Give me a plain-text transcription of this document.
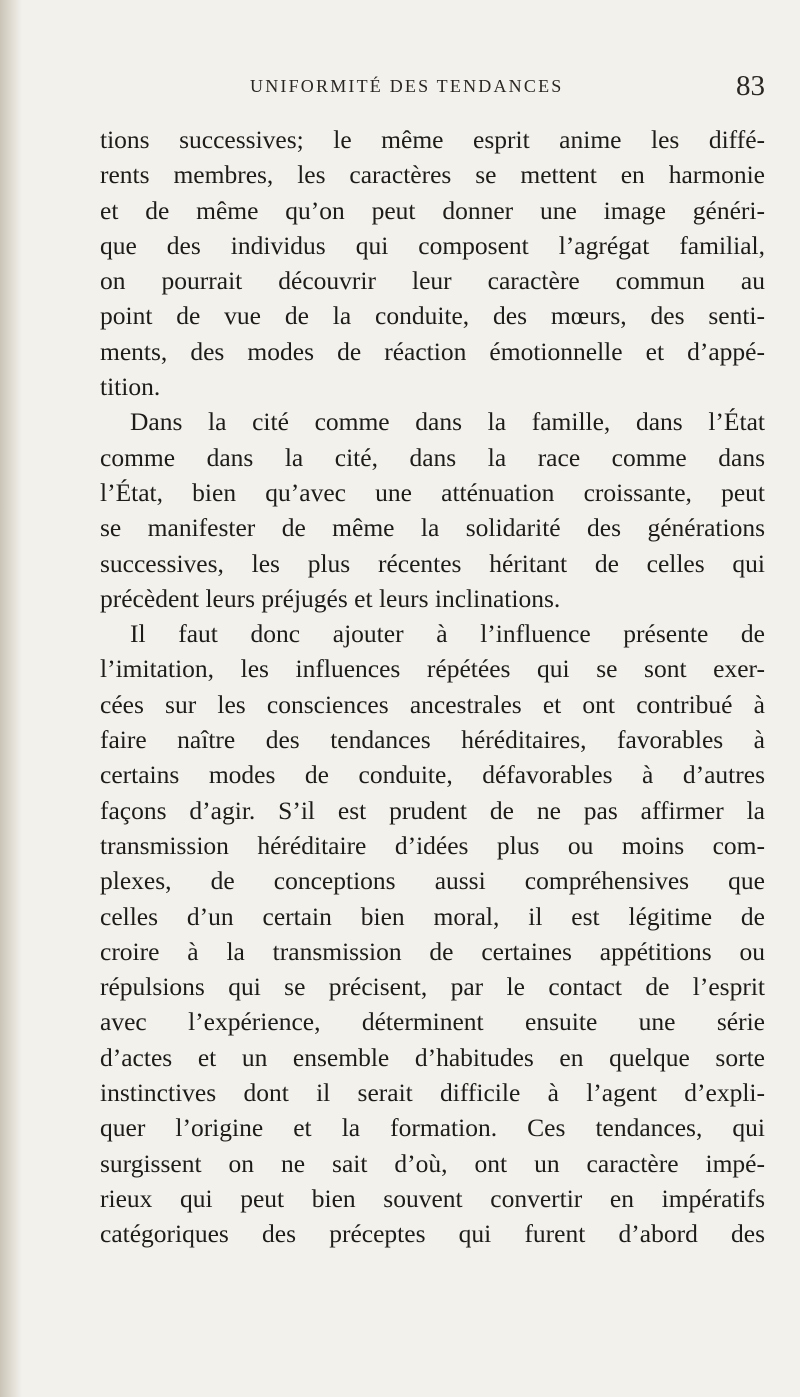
UNIFORMITÉ DES TENDANCES	83
tions successives; le même esprit anime les diffé-
rents membres, les caractères se mettent en harmonie
et de même qu’on peut donner une image généri-
que des individus qui composent l’agrégat familial,
on pourrait découvrir leur caractère commun au
point de vue de la conduite, des mœurs, des senti-
ments, des modes de réaction émotionnelle et d’appé-
tition.
Dans la cité comme dans la famille, dans l’État
comme dans la cité, dans la race comme dans
l’État, bien qu’avec une atténuation croissante, peut
se manifester de même la solidarité des générations
successives, les plus récentes héritant de celles qui
précèdent leurs préjugés et leurs inclinations.
Il faut donc ajouter à l’influence présente de
l’imitation, les influences répétées qui se sont exer-
cées sur les consciences ancestrales et ont contribué à
faire naître des tendances héréditaires, favorables à
certains modes de conduite, défavorables à d’autres
façons d’agir. S’il est prudent de ne pas affirmer la
transmission héréditaire d’idées plus ou moins com-
plexes, de conceptions aussi compréhensives que
celles d’un certain bien moral, il est légitime de
croire à la transmission de certaines appétitions ou
répulsions qui se précisent, par le contact de l’esprit
avec l’expérience, déterminent ensuite une série
d’actes et un ensemble d’habitudes en quelque sorte
instinctives dont il serait difficile à l’agent d’expli-
quer l’origine et la formation. Ces tendances, qui
surgissent on ne sait d’où, ont un caractère impé-
rieux qui peut bien souvent convertir en impératifs
catégoriques des préceptes qui furent d’abord des
